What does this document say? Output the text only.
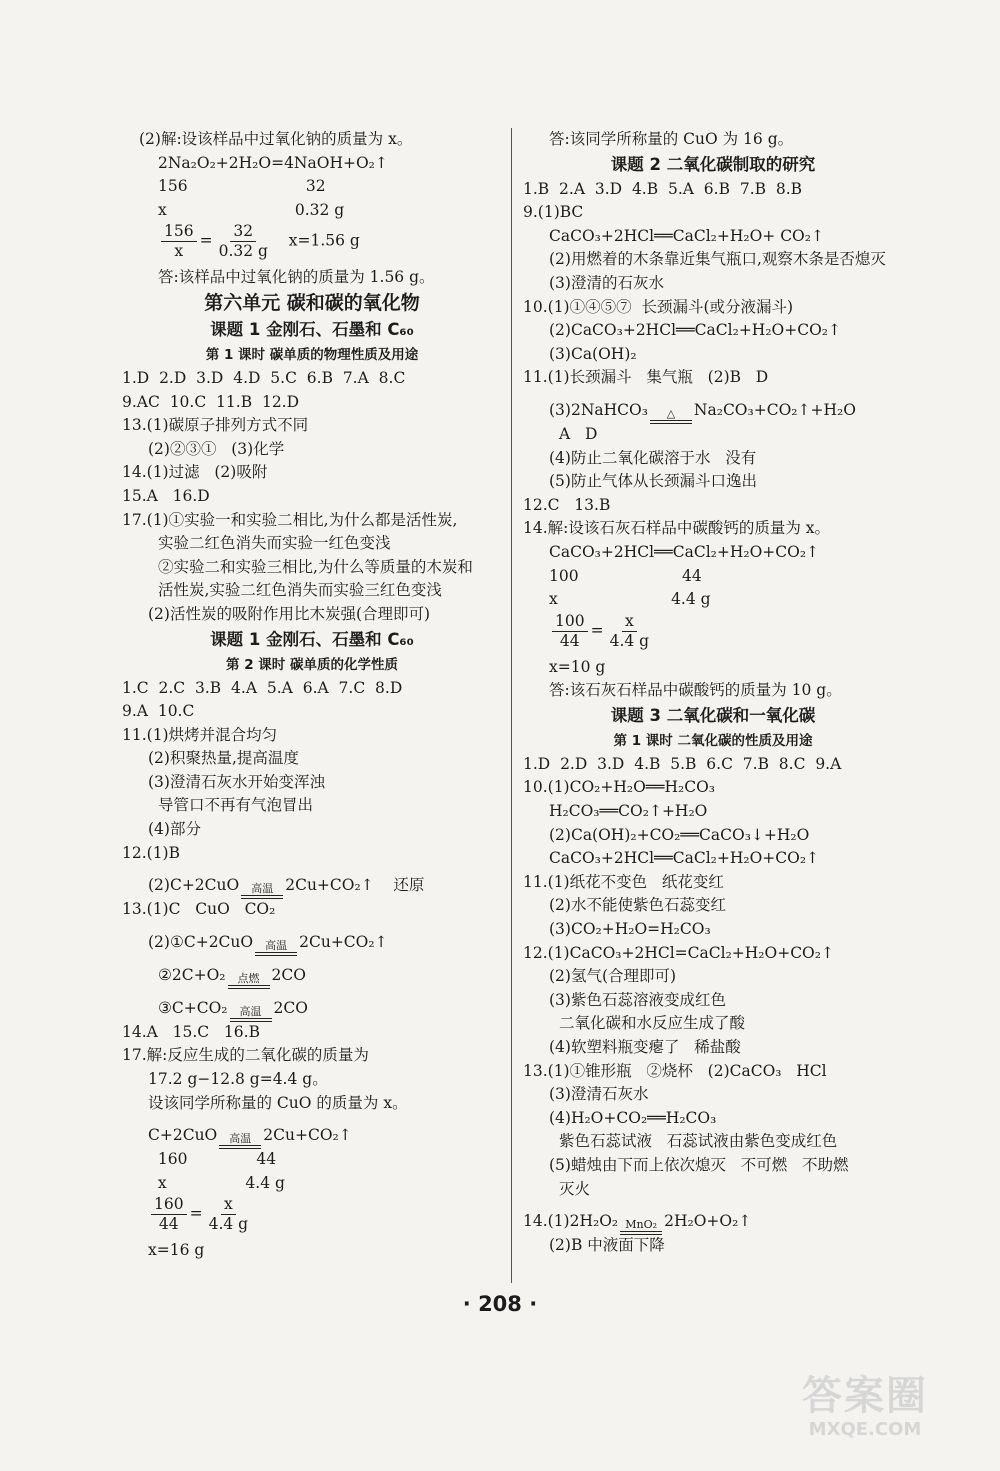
(2)解:设该样品中过氧化钠的质量为 x。
2Na₂O₂+2H₂O=4NaOH+O₂↑
156                        32
x                          0.32 g
$\frac{156}{x} = \frac{32}{0.32 g} x=1.56$ g
答:该样品中过氧化钠的质量为 1.56 g。
第六单元 碳和碳的氧化物
课题 1 金刚石、石墨和 C₆₀
第 1 课时 碳单质的物理性质及用途
1.D  2.D  3.D  4.D  5.C  6.B  7.A  8.C
9.AC  10.C  11.B  12.D
13.(1)碳原子排列方式不同
(2)②③①   (3)化学
14.(1)过滤   (2)吸附
15.A   16.D
17.(1)①实验一和实验二相比,为什么都是活性炭,
实验二红色消失而实验一红色变浅
②实验二和实验三相比,为什么等质量的木炭和
活性炭,实验二红色消失而实验三红色变浅
(2)活性炭的吸附作用比木炭强(合理即可)
课题 1 金刚石、石墨和 C₆₀
第 2 课时 碳单质的化学性质
1.C  2.C  3.B  4.A  5.A  6.A  7.C  8.D
9.A  10.C
11.(1)烘烤并混合均匀
(2)积聚热量,提高温度
(3)澄清石灰水开始变浑浊
导管口不再有气泡冒出
(4)部分
12.(1)B
(2)C+2CuO 高温 2Cu+CO₂↑    还原
13.(1)C   CuO   CO₂
(2)①C+2CuO 高温 2Cu+CO₂↑
②2C+O₂ 点燃 2CO
③C+CO₂ 高温 2CO
14.A   15.C   16.B
17.解:反应生成的二氧化碳的质量为
17.2 g−12.8 g=4.4 g。
设该同学所称量的 CuO 的质量为 x。
C+2CuO 高温 2Cu+CO₂↑
160              44
x                4.4 g
$\frac{160}{44} = \frac{x}{4.4 g}$
x=16 g
答:该同学所称量的 CuO 为 16 g。
课题 2 二氧化碳制取的研究
1.B  2.A  3.D  4.B  5.A  6.B  7.B  8.B
9.(1)BC
CaCO₃+2HCl══CaCl₂+H₂O+ CO₂↑
(2)用燃着的木条靠近集气瓶口,观察木条是否熄灭
(3)澄清的石灰水
10.(1)①④⑤⑦  长颈漏斗(或分液漏斗)
(2)CaCO₃+2HCl══CaCl₂+H₂O+CO₂↑
(3)Ca(OH)₂
11.(1)长颈漏斗   集气瓶   (2)B   D
(3)2NaHCO₃ △ Na₂CO₃+CO₂↑+H₂O
A   D
(4)防止二氧化碳溶于水   没有
(5)防止气体从长颈漏斗口逸出
12.C   13.B
14.解:设该石灰石样品中碳酸钙的质量为 x。
CaCO₃+2HCl══CaCl₂+H₂O+CO₂↑
100                     44
x                       4.4 g
$\frac{100}{44} = \frac{x}{4.4 g}$
x=10 g
答:该石灰石样品中碳酸钙的质量为 10 g。
课题 3 二氧化碳和一氧化碳
第 1 课时 二氧化碳的性质及用途
1.D  2.D  3.D  4.B  5.B  6.C  7.B  8.C  9.A
10.(1)CO₂+H₂O══H₂CO₃
H₂CO₃══CO₂↑+H₂O
(2)Ca(OH)₂+CO₂══CaCO₃↓+H₂O
CaCO₃+2HCl══CaCl₂+H₂O+CO₂↑
11.(1)纸花不变色   纸花变红
(2)水不能使紫色石蕊变红
(3)CO₂+H₂O=H₂CO₃
12.(1)CaCO₃+2HCl=CaCl₂+H₂O+CO₂↑
(2)氢气(合理即可)
(3)紫色石蕊溶液变成红色
二氧化碳和水反应生成了酸
(4)软塑料瓶变瘪了   稀盐酸
13.(1)①锥形瓶   ②烧杯   (2)CaCO₃   HCl
(3)澄清石灰水
(4)H₂O+CO₂══H₂CO₃
紫色石蕊试液   石蕊试液由紫色变成红色
(5)蜡烛由下而上依次熄灭   不可燃   不助燃
灭火
14.(1)2H₂O₂ MnO₂ 2H₂O+O₂↑
(2)B 中液面下降
· 208 ·
答案圈
MXQE.COM
